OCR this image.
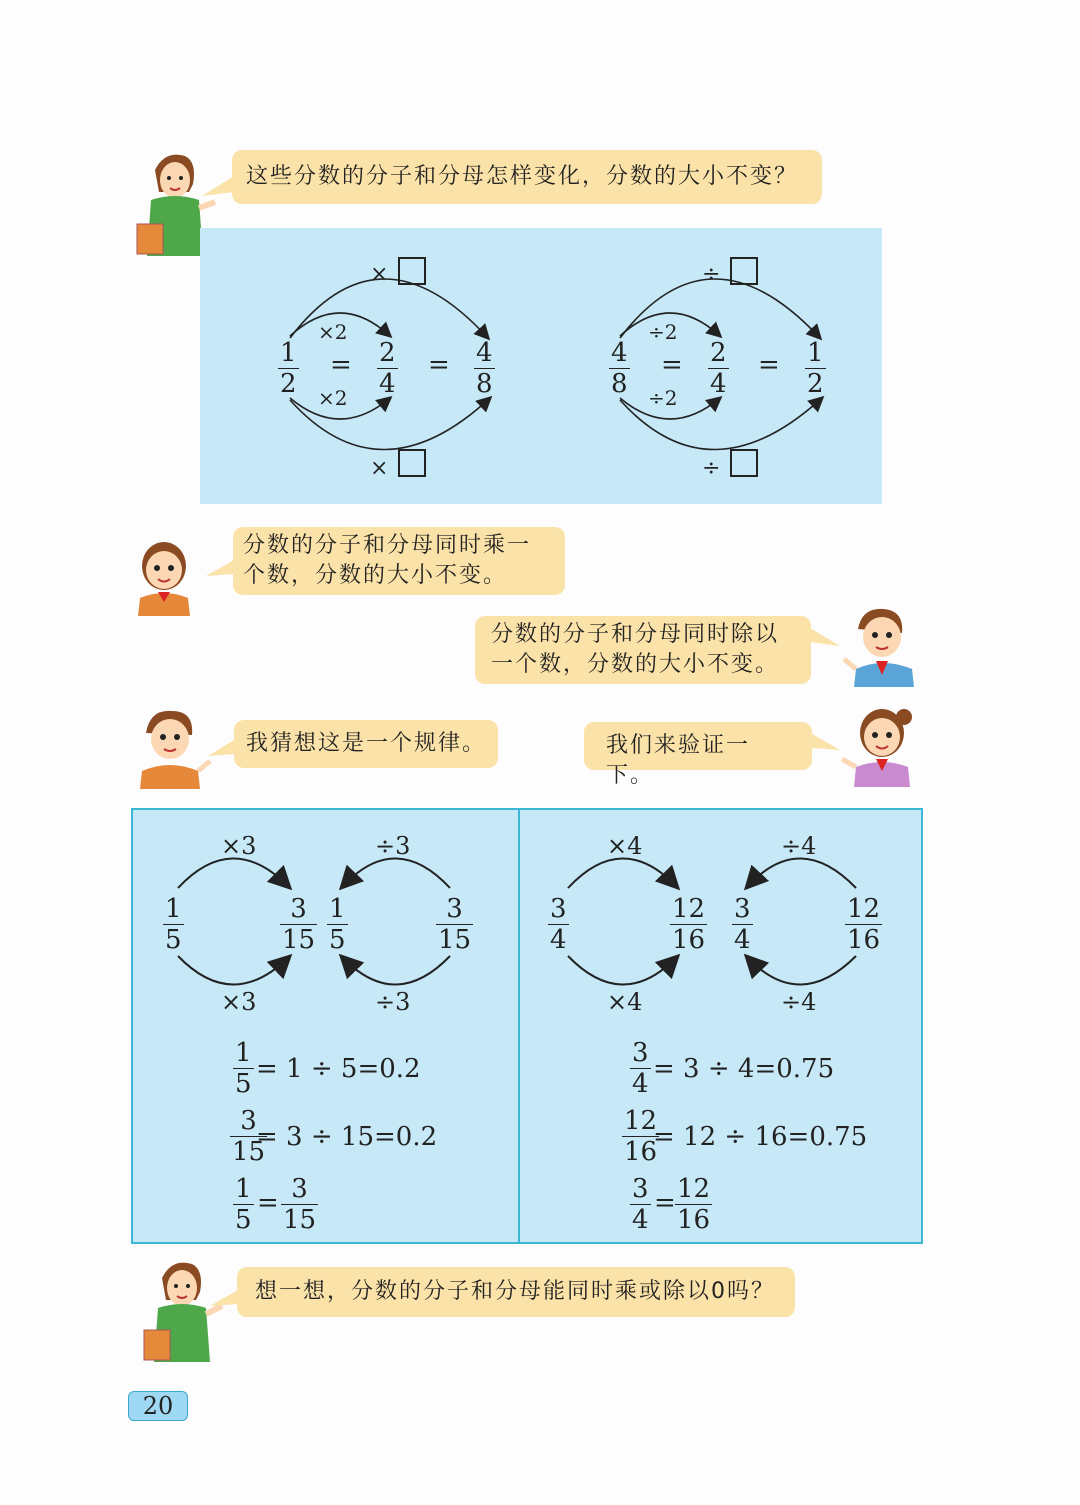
这些分数的分子和分母怎样变化，分数的大小不变？
分数的分子和分母同时乘一
个数，分数的大小不变。
分数的分子和分母同时除以
一个数，分数的大小不变。
我猜想这是一个规律。	我们来验证一下。
想一想，分数的分子和分母能同时乘或除以0吗？
×
×2
×2
×
1
2
= 2
4
= 4
8
÷
÷2
÷2
÷
4
8
= 2
4
= 1
2
×3
×3
÷3
÷3
1
5
3
15
1
5
3
15
1
5 = 1 ÷ 5=0.2
3
15
= 3 ÷ 15=0.2
1
5
= 3
15
×4
×4
÷4
÷4
3
4
12
16
3
4
12
16
3
4 = 3 ÷ 4=0.75
12
16
= 12 ÷ 16=0.75
3
4
= 12
16
20
